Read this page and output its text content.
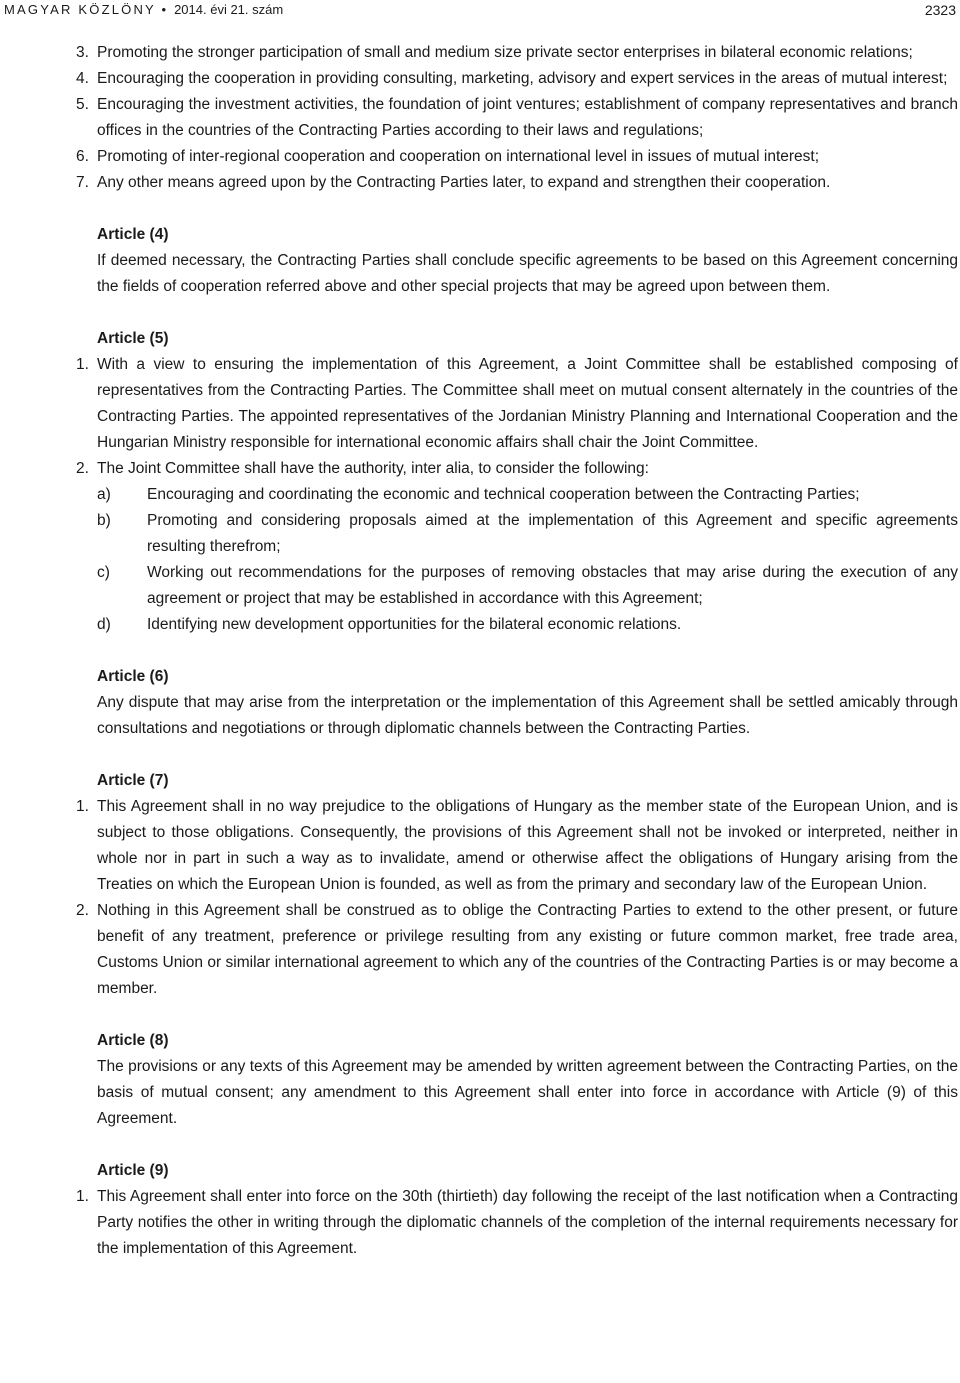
MAGYAR KÖZLÖNY • 2014. évi 21. szám	2323
3. Promoting the stronger participation of small and medium size private sector enterprises in bilateral economic relations;
4. Encouraging the cooperation in providing consulting, marketing, advisory and expert services in the areas of mutual interest;
5. Encouraging the investment activities, the foundation of joint ventures; establishment of company representatives and branch offices in the countries of the Contracting Parties according to their laws and regulations;
6. Promoting of inter-regional cooperation and cooperation on international level in issues of mutual interest;
7. Any other means agreed upon by the Contracting Parties later, to expand and strengthen their cooperation.
Article (4)
If deemed necessary, the Contracting Parties shall conclude specific agreements to be based on this Agreement concerning the fields of cooperation referred above and other special projects that may be agreed upon between them.
Article (5)
1. With a view to ensuring the implementation of this Agreement, a Joint Committee shall be established composing of representatives from the Contracting Parties. The Committee shall meet on mutual consent alternately in the countries of the Contracting Parties. The appointed representatives of the Jordanian Ministry Planning and International Cooperation and the Hungarian Ministry responsible for international economic affairs shall chair the Joint Committee.
2. The Joint Committee shall have the authority, inter alia, to consider the following:
a) Encouraging and coordinating the economic and technical cooperation between the Contracting Parties;
b) Promoting and considering proposals aimed at the implementation of this Agreement and specific agreements resulting therefrom;
c) Working out recommendations for the purposes of removing obstacles that may arise during the execution of any agreement or project that may be established in accordance with this Agreement;
d) Identifying new development opportunities for the bilateral economic relations.
Article (6)
Any dispute that may arise from the interpretation or the implementation of this Agreement shall be settled amicably through consultations and negotiations or through diplomatic channels between the Contracting Parties.
Article (7)
1. This Agreement shall in no way prejudice to the obligations of Hungary as the member state of the European Union, and is subject to those obligations. Consequently, the provisions of this Agreement shall not be invoked or interpreted, neither in whole nor in part in such a way as to invalidate, amend or otherwise affect the obligations of Hungary arising from the Treaties on which the European Union is founded, as well as from the primary and secondary law of the European Union.
2. Nothing in this Agreement shall be construed as to oblige the Contracting Parties to extend to the other present, or future benefit of any treatment, preference or privilege resulting from any existing or future common market, free trade area, Customs Union or similar international agreement to which any of the countries of the Contracting Parties is or may become a member.
Article (8)
The provisions or any texts of this Agreement may be amended by written agreement between the Contracting Parties, on the basis of mutual consent; any amendment to this Agreement shall enter into force in accordance with Article (9) of this Agreement.
Article (9)
1. This Agreement shall enter into force on the 30th (thirtieth) day following the receipt of the last notification when a Contracting Party notifies the other in writing through the diplomatic channels of the completion of the internal requirements necessary for the implementation of this Agreement.
